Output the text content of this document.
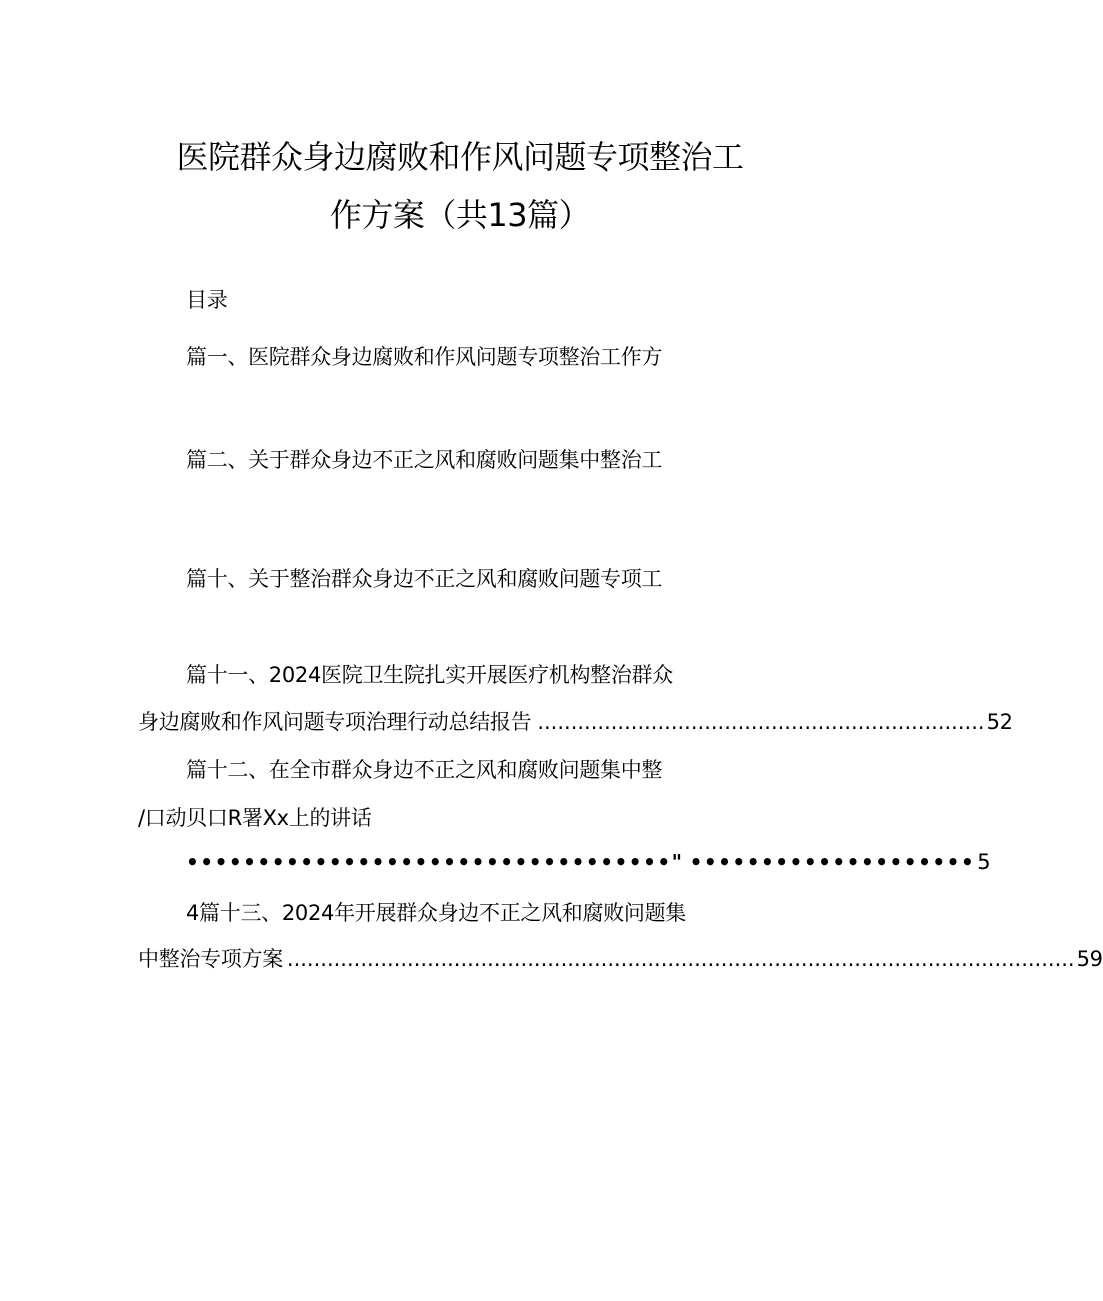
医院群众身边腐败和作风问题专项整治工
作方案（共13篇）
目录
篇一、医院群众身边腐败和作风问题专项整治工作方
篇二、关于群众身边不正之风和腐败问题集中整治工
篇十、关于整治群众身边不正之风和腐败问题专项工
篇十一、2024医院卫生院扎实开展医疗机构整治群众
身边腐败和作风问题专项治理行动总结报告 ................................................................... 52
篇十二、在全市群众身边不正之风和腐败问题集中整
/口动贝口R署Xx上的讲话
••••••••••••••••••••••••••••••••••" •••••••••••••••••••• 5
4篇十三、2024年开展群众身边不正之风和腐败问题集
中整治专项方案 ...................................................................................................................... 59
